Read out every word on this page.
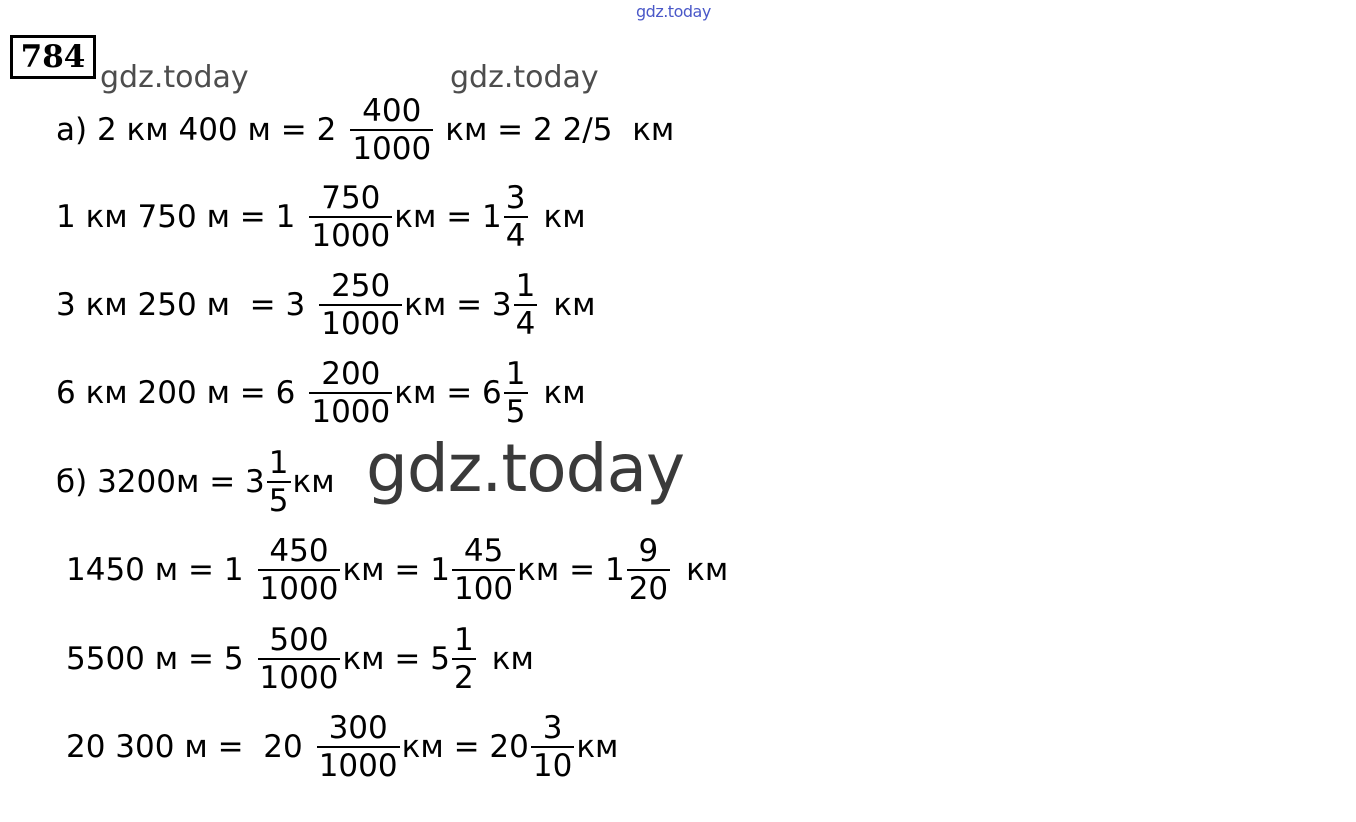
gdz.today
784
gdz.today	gdz.today
а) 2 км 400 $м = 2 \frac{400}{1000}$ км = 2 2/5  км
1 км 750 $м = 1 \frac{750}{1000}$ км = $1 \frac{3}{4}$ км
3 км 250 $м = 3 \frac{250}{1000}$ км = $3 \frac{1}{4}$ км
6 км 200 $м = 6 \frac{200}{1000}$ км = $6 \frac{1}{5}$ км
б) $3200м = 3 \frac{1}{5}$ км
1450 $м = 1 \frac{450}{1000}$ км = $1 \frac{45}{100}$ км = $1 \frac{9}{20}$ км
5500 $м = 5 \frac{500}{1000}$ км = $5 \frac{1}{2}$ км
20 300 $м = 20 \frac{300}{1000}$ км = $20 \frac{3}{10}$ км
gdz.today
